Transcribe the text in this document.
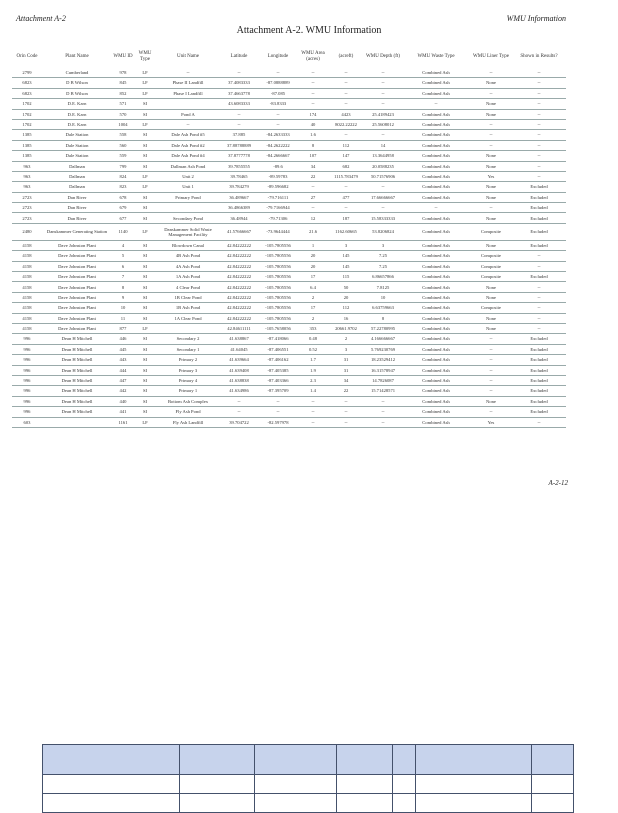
Attachment A-2	WMU Information
Attachment A-2. WMU Information
Orin Code	Plant Name	WMU ID	WMU Type	Unit Name	Latitude	Longitude	WMU Area (acres)	(acreft)	WMU Depth (ft)	WMU Waste Type	WMU Liner Type	Shown in Results?
2799	Cumberland	978	LF	--	--	--	--	--	--	Combined Ash	--	--
6823	D B Wilson	845	LF	Phase II Landfill	37.4083333	-87.0888889	--	--	--	Combined Ash	None	--
6823	D B Wilson	852	LF	Phase I Landfill	37.4663778	-87.085	--	--	--	Combined Ash	--	--
1702	D.E. Karn	571	SI		43.6083333	-83.8333	--	--	--	--	None	--
1702	D.E. Karn	570	SI	Pond A	--	--	174	4423	25.4189423	Combined Ash	None	--
1702	D.E. Karn	1004	LF	--	--	--	40	8022.22222	25.5608012	Combined Ash	--	--
1385	Dale Station	558	SI	Dale Ash Pond #5	37.885	-84.2633333	1.6	--	--	Combined Ash	--	--
1385	Dale Station	560	SI	Dale Ash Pond #2	37.88788889	-84.2622222	8	112	14	Combined Ash	--	--
1385	Dale Station	559	SI	Dale Ash Pond #4	37.8777778	-84.2666667	107	147	13.3644958	Combined Ash	None	--
963	Dallman	799	SI	Dallman Ash Pond	39.7855555	-89.6	34	682	20.0588235	Combined Ash	None	--
963	Dallman	824	LF	Unit 2	39.78465	-89.59783	22	1115.783479	50.71576906	Combined Ash	Yes	--
963	Dallman	823	LF	Unit 1	39.784279	-89.596682	--	--	--	Combined Ash	None	Excluded
2723	Dan River	678	SI	Primary Pond	36.489667	-79.716111	27	477	17.66666667	Combined Ash	None	Excluded
2723	Dan River	679	SI		36.4866389	-79.7166944	--	--	--	--	--	Excluded
2723	Dan River	677	SI	Secondary Pond	36.48944	-79.71306	12	187	15.58333333	Combined Ash	None	Excluded
2480	Danskammer Generating Station	1140	LF	Danskammer Solid Waste Management Facility	41.57666667	-73.9644444	21.6	1162.60665	53.8206824	Combined Ash	Composite	Excluded
4158	Dave Johnston Plant	4	SI	Blowdown Canal	42.84222222	-105.7805556	1	3	3	Combined Ash	None	Excluded
4158	Dave Johnston Plant	5	SI	4B Ash Pond	42.84222222	-105.7805556	20	145	7.25	Combined Ash	Composite	--
4158	Dave Johnston Plant	6	SI	4A Ash Pond	42.84222222	-105.7805556	20	145	7.25	Combined Ash	Composite	--
4158	Dave Johnston Plant	7	SI	1A Ash Pond	42.84222222	-105.7805556	17	115	6.86657866	Combined Ash	Composite	Excluded
4158	Dave Johnston Plant	8	SI	4 Clear Pond	42.84222222	-105.7805556	6.4	50	7.8125	Combined Ash	None	--
4158	Dave Johnston Plant	9	SI	1B Clear Pond	42.84222222	-105.7805556	2	20	10	Combined Ash	None	--
4158	Dave Johnston Plant	10	SI	1B Ash Pond	42.84222222	-105.7805556	17	112	6.63759663	Combined Ash	Composite	--
4158	Dave Johnston Plant	11	SI	1A Clear Pond	42.84222222	-105.7805556	2	16	8	Combined Ash	None	--
4158	Dave Johnston Plant	877	LF		42.84611111	-105.7658056	353	20661.9702	57.22780995	Combined Ash	None	--
996	Dean H Mitchell	446	SI	Secondary 2	41.638867	-87.418066	0.48	2	4.166666667	Combined Ash	--	Excluded
996	Dean H Mitchell	445	SI	Secondary 1	41.64045	-87.406551	0.52	3	5.769230769	Combined Ash	--	Excluded
996	Dean H Mitchell	443	SI	Primary 2	41.639664	-87.406162	1.7	31	18.23529412	Combined Ash	--	Excluded
996	Dean H Mitchell	444	SI	Primary 3	41.639408	-87.405385	1.9	31	16.31578947	Combined Ash	--	Excluded
996	Dean H Mitchell	447	SI	Primary 4	41.638838	-87.403366	2.3	34	14.7826087	Combined Ash	--	Excluded
996	Dean H Mitchell	442	SI	Primary 1	41.634986	-87.395709	1.4	22	15.71428571	Combined Ash	--	Excluded
996	Dean H Mitchell	440	SI	Bottom Ash Complex	--	--	--	--	--	Combined Ash	None	Excluded
996	Dean H Mitchell	441	SI	Fly Ash Pond	--	--	--	--	--	Combined Ash	--	Excluded
603		1161	LF	Fly Ash Landfill	39.704722	-82.597978	--	--	--	Combined Ash	Yes	--
A-2-12
